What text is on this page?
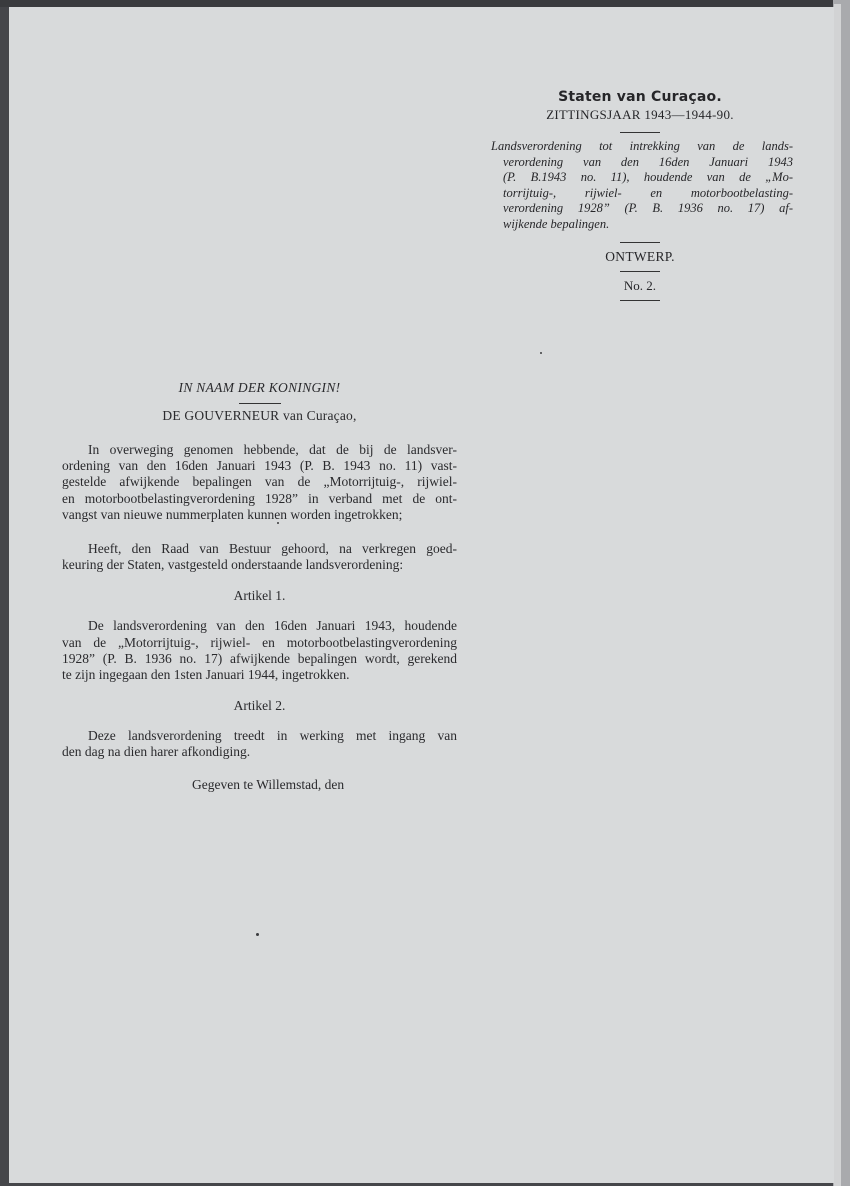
Staten van Curaçao.
ZITTINGSJAAR 1943—1944-90.
Landsverordening tot intrekking van de lands-
verordening van den 16den Januari 1943
(P. B.1943 no. 11), houdende van de „Mo-
torrijtuig-, rijwiel- en motorbootbelasting-
verordening 1928” (P. B. 1936 no. 17) af-
wijkende bepalingen.
ONTWERP.
No. 2.
IN NAAM DER KONINGIN!
DE GOUVERNEUR van Curaçao,
In overweging genomen hebbende, dat de bij de landsver-
ordening van den 16den Januari 1943 (P. B. 1943 no. 11) vast-
gestelde afwijkende bepalingen van de „Motorrijtuig-, rijwiel-
en motorbootbelastingverordening 1928” in verband met de ont-
vangst van nieuwe nummerplaten kunnen worden ingetrokken;
Heeft, den Raad van Bestuur gehoord, na verkregen goed-
keuring der Staten, vastgesteld onderstaande landsverordening:
Artikel 1.
De landsverordening van den 16den Januari 1943, houdende
van de „Motorrijtuig-, rijwiel- en motorbootbelastingverordening
1928” (P. B. 1936 no. 17) afwijkende bepalingen wordt, gerekend
te zijn ingegaan den 1sten Januari 1944, ingetrokken.
Artikel 2.
Deze landsverordening treedt in werking met ingang van
den dag na dien harer afkondiging.
Gegeven te Willemstad, den
